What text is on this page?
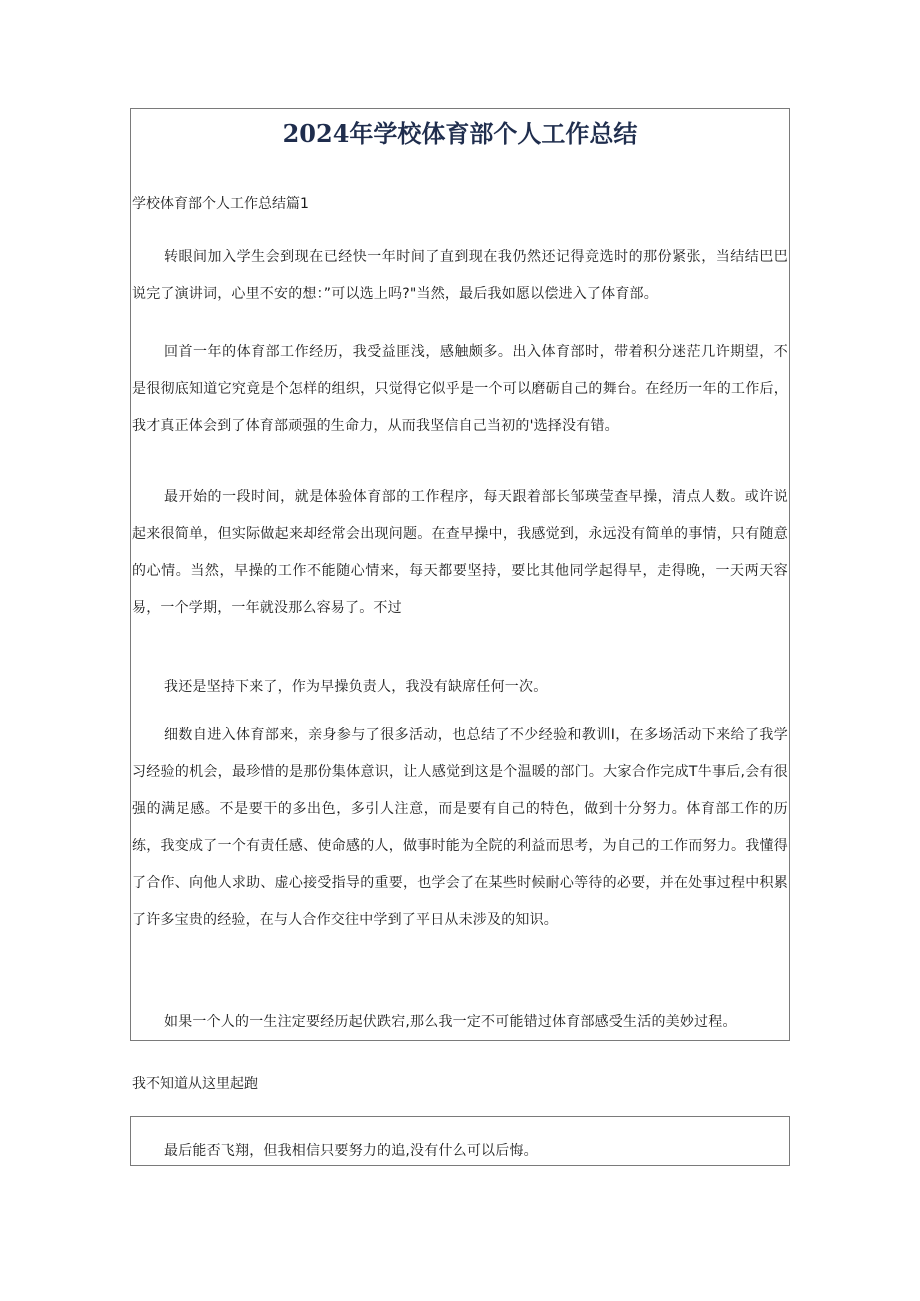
2024年学校体育部个人工作总结

学校体育部个人工作总结篇1

转眼间加入学生会到现在已经快一年时间了直到现在我仍然还记得竞选时的那份紧张，当结结巴巴说完了演讲词，心里不安的想：”可以选上吗?"当然，最后我如愿以偿进入了体育部。

回首一年的体育部工作经历，我受益匪浅，感触颇多。出入体育部时，带着积分迷茫几许期望，不是很彻底知道它究竟是个怎样的组织，只觉得它似乎是一个可以磨砺自己的舞台。在经历一年的工作后，我才真正体会到了体育部顽强的生命力，从而我坚信自己当初的'选择没有错。

最开始的一段时间，就是体验体育部的工作程序，每天跟着部长邹瑛莹查早操，清点人数。或许说起来很简单，但实际做起来却经常会出现问题。在查早操中，我感觉到，永远没有简单的事情，只有随意的心情。当然，早操的工作不能随心情来，每天都要坚持，要比其他同学起得早，走得晚，一天两天容易，一个学期，一年就没那么容易了。不过

我还是坚持下来了，作为早操负责人，我没有缺席任何一次。

细数自进入体育部来，亲身参与了很多活动，也总结了不少经验和教训I，在多场活动下来给了我学习经验的机会，最珍惜的是那份集体意识，让人感觉到这是个温暖的部门。大家合作完成T牛事后,会有很强的满足感。不是要干的多出色，多引人注意，而是要有自己的特色，做到十分努力。体育部工作的历练，我变成了一个有责任感、使命感的人，做事时能为全院的利益而思考，为自己的工作而努力。我懂得了合作、向他人求助、虚心接受指导的重要，也学会了在某些时候耐心等待的必要，并在处事过程中积累了许多宝贵的经验，在与人合作交往中学到了平日从未涉及的知识。

如果一个人的一生注定要经历起伏跌宕,那么我一定不可能错过体育部感受生活的美妙过程。

我不知道从这里起跑

最后能否飞翔，但我相信只要努力的追,没有什么可以后悔。
